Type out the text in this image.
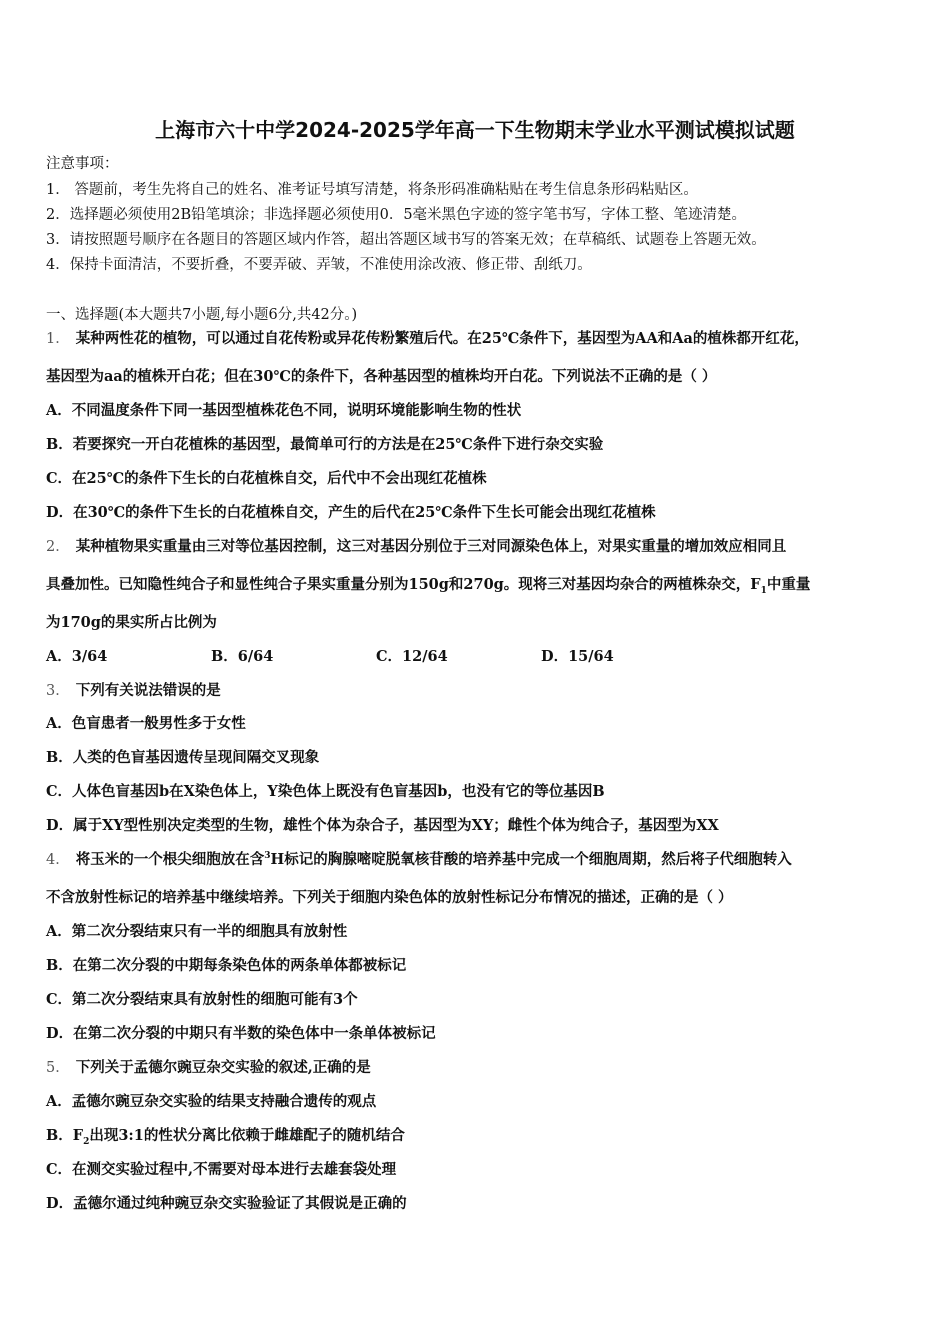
上海市六十中学2024-2025学年高一下生物期末学业水平测试模拟试题
注意事项：
1． 答题前，考生先将自己的姓名、准考证号填写清楚，将条形码准确粘贴在考生信息条形码粘贴区。
2．选择题必须使用2B铅笔填涂；非选择题必须使用0．5毫米黑色字迹的签字笔书写，字体工整、笔迹清楚。
3．请按照题号顺序在各题目的答题区域内作答，超出答题区域书写的答案无效；在草稿纸、试题卷上答题无效。
4．保持卡面清洁，不要折叠，不要弄破、弄皱，不准使用涂改液、修正带、刮纸刀。
一、选择题(本大题共7小题,每小题6分,共42分。)
1． 某种两性花的植物，可以通过自花传粉或异花传粉繁殖后代。在25℃条件下，基因型为AA和Aa的植株都开红花，
基因型为aa的植株开白花；但在30℃的条件下，各种基因型的植株均开白花。下列说法不正确的是（ ）
A．不同温度条件下同一基因型植株花色不同，说明环境能影响生物的性状
B．若要探究一开白花植株的基因型，最简单可行的方法是在25℃条件下进行杂交实验
C．在25℃的条件下生长的白花植株自交，后代中不会出现红花植株
D．在30℃的条件下生长的白花植株自交，产生的后代在25℃条件下生长可能会出现红花植株
2． 某种植物果实重量由三对等位基因控制，这三对基因分别位于三对同源染色体上，对果实重量的增加效应相同且
具叠加性。已知隐性纯合子和显性纯合子果实重量分别为150g和270g。现将三对基因均杂合的两植株杂交，$F_1$中重量
为170g的果实所占比例为
A．3/64	B．6/64	C．12/64	D．15/64
3． 下列有关说法错误的是
A．色盲患者一般男性多于女性
B．人类的色盲基因遗传呈现间隔交叉现象
C．人体色盲基因b在X染色体上，Y染色体上既没有色盲基因b，也没有它的等位基因B
D．属于XY型性别决定类型的生物，雄性个体为杂合子，基因型为XY；雌性个体为纯合子，基因型为XX
4． 将玉米的一个根尖细胞放在含$^3$H标记的胸腺嘧啶脱氧核苷酸的培养基中完成一个细胞周期，然后将子代细胞转入
不含放射性标记的培养基中继续培养。下列关于细胞内染色体的放射性标记分布情况的描述，正确的是（ ）
A．第二次分裂结束只有一半的细胞具有放射性
B．在第二次分裂的中期每条染色体的两条单体都被标记
C．第二次分裂结束具有放射性的细胞可能有3个
D．在第二次分裂的中期只有半数的染色体中一条单体被标记
5． 下列关于孟德尔豌豆杂交实验的叙述,正确的是
A．孟德尔豌豆杂交实验的结果支持融合遗传的观点
B．$F_2$出现3:1的性状分离比依赖于雌雄配子的随机结合
C．在测交实验过程中,不需要对母本进行去雄套袋处理
D．孟德尔通过纯种豌豆杂交实验验证了其假说是正确的
